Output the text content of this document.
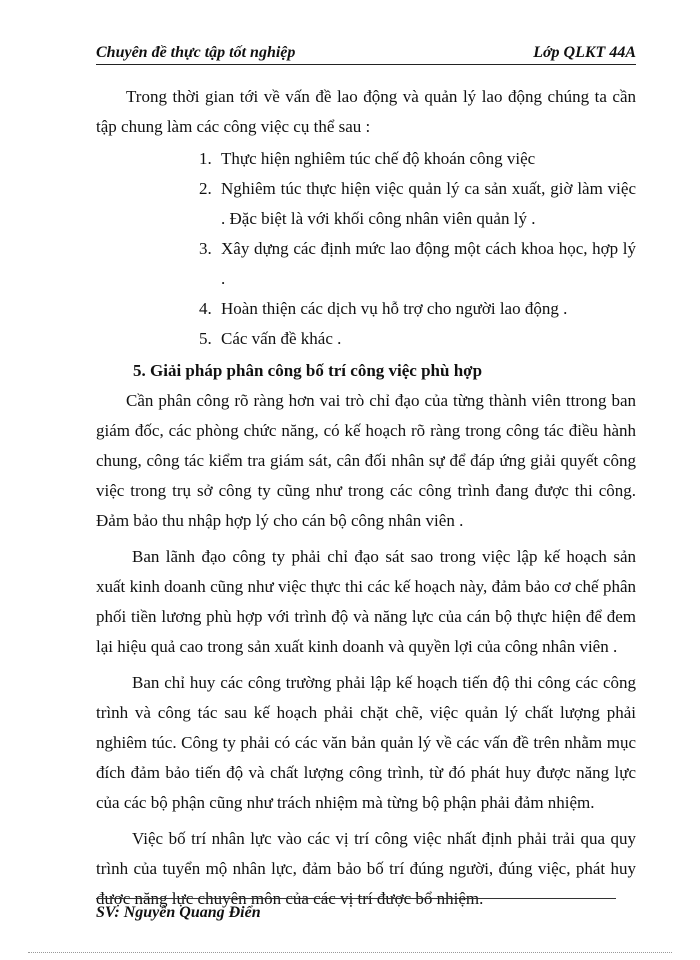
Chuyên đề thực tập tốt nghiệp	Lớp QLKT 44A

Trong thời gian tới về vấn đề lao động và quản lý lao động chúng ta cần tập chung làm các công việc cụ thể sau :

1. Thực hiện nghiêm túc chế độ khoán công việc
2. Nghiêm túc thực hiện việc quản lý ca sản xuất, giờ làm việc . Đặc biệt là với khối công nhân viên quản lý .
3. Xây dựng các định mức lao động một cách khoa học, hợp lý .
4. Hoàn thiện các dịch vụ hỗ trợ cho người lao động .
5. Các vấn đề khác .
5. Giải pháp phân công bố trí công việc phù hợp

Cần phân công rõ ràng hơn vai trò chỉ đạo của từng thành viên ttrong ban giám đốc, các phòng chức năng, có kế hoạch rõ ràng trong công tác điều hành chung, công tác kiểm tra giám sát, cân đối nhân sự để đáp ứng giải quyết công việc trong trụ sở công ty cũng như trong các công trình đang được thi công. Đảm bảo thu nhập hợp lý cho cán bộ công nhân viên .

Ban lãnh đạo công ty phải chỉ đạo sát sao trong việc lập kế hoạch sản xuất kinh doanh cũng như việc thực thi các kế hoạch này, đảm bảo cơ chế phân phối tiền lương phù hợp với trình độ và năng lực của cán bộ thực hiện để đem lại hiệu quả cao trong sản xuất kinh doanh và quyền lợi của công nhân viên .

Ban chỉ huy các công trường phải lập kế hoạch tiến độ thi công các công trình và công tác sau kế hoạch phải chặt chẽ, việc quản lý chất lượng phải nghiêm túc. Công ty phải có các văn bản quản lý về các vấn đề trên nhằm mục đích đảm bảo tiến độ và chất lượng công trình, từ đó phát huy được năng lực của các bộ phận cũng như trách nhiệm mà từng bộ phận phải đảm nhiệm.

Việc bố trí nhân lực vào các vị trí công việc nhất định phải trải qua quy trình của tuyển mộ nhân lực, đảm bảo bố trí đúng người, đúng việc, phát huy được năng lực chuyên môn của các vị trí được bổ nhiệm.

SV: Nguyễn Quang Điển
